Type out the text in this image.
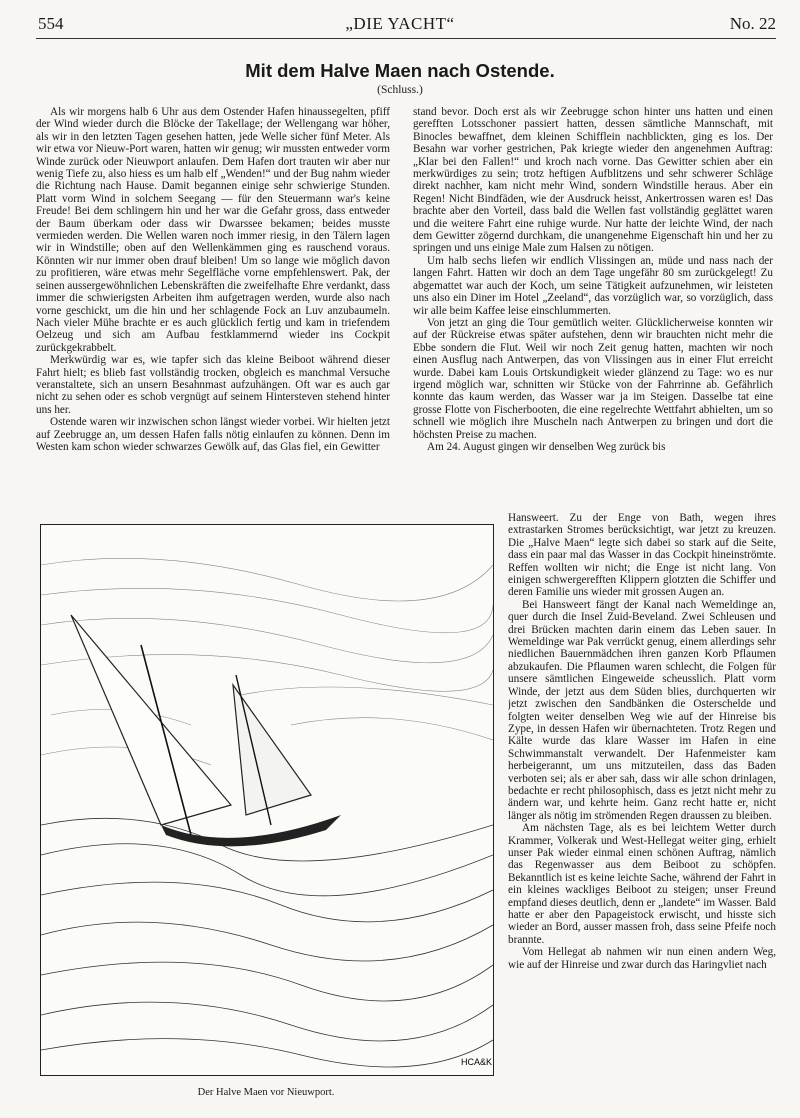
„DIE YACHT“
554	No. 22
Mit dem Halve Maen nach Ostende.
(Schluss.)

Als wir morgens halb 6 Uhr aus dem Ostender Hafen hinaussegelten, pfiff der Wind wieder durch die Blöcke der Takellage; der Wellengang war höher, als wir in den letzten Tagen gesehen hatten, jede Welle sicher fünf Meter. Als wir etwa vor Nieuw-Port waren, hatten wir genug; wir mussten entweder vorm Winde zurück oder Nieuwport anlaufen. Dem Hafen dort trauten wir aber nur wenig Tiefe zu, also hiess es um halb elf „Wenden!“ und der Bug nahm wieder die Richtung nach Hause. Damit begannen einige sehr schwierige Stunden. Platt vorm Wind in solchem Seegang — für den Steuermann war's keine Freude! Bei dem schlingern hin und her war die Gefahr gross, dass entweder der Baum überkam oder dass wir Dwarssee bekamen; beides musste vermieden werden. Die Wellen waren noch immer riesig, in den Tälern lagen wir in Windstille; oben auf den Wellenkämmen ging es rauschend voraus. Könnten wir nur immer oben drauf bleiben! Um so lange wie möglich davon zu profitieren, wäre etwas mehr Segelfläche vorne empfehlenswert. Pak, der seinen aussergewöhnlichen Lebenskräften die zweifelhafte Ehre verdankt, dass immer die schwierigsten Arbeiten ihm aufgetragen werden, wurde also nach vorne geschickt, um die hin und her schlagende Fock an Luv anzubaumeln. Nach vieler Mühe brachte er es auch glücklich fertig und kam in triefendem Oelzeug und sich am Aufbau festklammernd wieder ins Cockpit zurückgekrabbelt.

Merkwürdig war es, wie tapfer sich das kleine Beiboot während dieser Fahrt hielt; es blieb fast vollständig trocken, obgleich es manchmal Versuche veranstaltete, sich an unsern Besahnmast aufzuhängen. Oft war es auch gar nicht zu sehen oder es schob vergnügt auf seinem Hintersteven stehend hinter uns her.

Ostende waren wir inzwischen schon längst wieder vorbei. Wir hielten jetzt auf Zeebrugge an, um dessen Hafen falls nötig einlaufen zu können. Denn im Westen kam schon wieder schwarzes Gewölk auf, das Glas fiel, ein Gewitter

stand bevor. Doch erst als wir Zeebrugge schon hinter uns hatten und einen gerefften Lotsschoner passiert hatten, dessen sämtliche Mannschaft, mit Binocles bewaffnet, dem kleinen Schifflein nachblickten, ging es los. Der Besahn war vorher gestrichen, Pak kriegte wieder den angenehmen Auftrag: „Klar bei den Fallen!“ und kroch nach vorne. Das Gewitter schien aber ein merkwürdiges zu sein; trotz heftigen Aufblitzens und sehr schwerer Schläge direkt nachher, kam nicht mehr Wind, sondern Windstille heraus. Aber ein Regen! Nicht Bindfäden, wie der Ausdruck heisst, Ankertrossen waren es! Das brachte aber den Vorteil, dass bald die Wellen fast vollständig geglättet waren und die weitere Fahrt eine ruhige wurde. Nur hatte der leichte Wind, der nach dem Gewitter zögernd durchkam, die unangenehme Eigenschaft hin und her zu springen und uns einige Male zum Halsen zu nötigen.

Um halb sechs liefen wir endlich Vlissingen an, müde und nass nach der langen Fahrt. Hatten wir doch an dem Tage ungefähr 80 sm zurückgelegt! Zu abgemattet war auch der Koch, um seine Tätigkeit aufzunehmen, wir leisteten uns also ein Diner im Hotel „Zeeland“, das vorzüglich war, so vorzüglich, dass wir alle beim Kaffee leise einschlummerten.

Von jetzt an ging die Tour gemütlich weiter. Glücklicherweise konnten wir auf der Rückreise etwas später aufstehen, denn wir brauchten nicht mehr die Ebbe sondern die Flut. Weil wir noch Zeit genug hatten, machten wir noch einen Ausflug nach Antwerpen, das von Vlissingen aus in einer Flut erreicht wurde. Dabei kam Louis Ortskundigkeit wieder glänzend zu Tage: wo es nur irgend möglich war, schnitten wir Stücke von der Fahrrinne ab. Gefährlich konnte das kaum werden, das Wasser war ja im Steigen. Dasselbe tat eine grosse Flotte von Fischerbooten, die eine regelrechte Wettfahrt abhielten, um so schnell wie möglich ihre Muscheln nach Antwerpen zu bringen und dort die höchsten Preise zu machen.

Am 24. August gingen wir denselben Weg zurück bis

HCA&K
Der Halve Maen vor Nieuwport.

Hansweert. Zu der Enge von Bath, wegen ihres extrastarken Stromes berücksichtigt, war jetzt zu kreuzen. Die „Halve Maen“ legte sich dabei so stark auf die Seite, dass ein paar mal das Wasser in das Cockpit hineinströmte. Reffen wollten wir nicht; die Enge ist nicht lang. Von einigen schwergerefften Klippern glotzten die Schiffer und deren Familie uns wieder mit grossen Augen an.

Bei Hansweert fängt der Kanal nach Wemeldinge an, quer durch die Insel Zuid-Beveland. Zwei Schleusen und drei Brücken machten darin einem das Leben sauer. In Wemeldinge war Pak verrückt genug, einem allerdings sehr niedlichen Bauernmädchen ihren ganzen Korb Pflaumen abzukaufen. Die Pflaumen waren schlecht, die Folgen für unsere sämtlichen Eingeweide scheusslich. Platt vorm Winde, der jetzt aus dem Süden blies, durchquerten wir jetzt zwischen den Sandbänken die Osterschelde und folgten weiter denselben Weg wie auf der Hinreise bis Zype, in dessen Hafen wir übernachteten. Trotz Regen und Kälte wurde das klare Wasser im Hafen in eine Schwimmanstalt verwandelt. Der Hafenmeister kam herbeigerannt, um uns mitzuteilen, dass das Baden verboten sei; als er aber sah, dass wir alle schon drinlagen, bedachte er recht philosophisch, dass es jetzt nicht mehr zu ändern war, und kehrte heim. Ganz recht hatte er, nicht länger als nötig im strömenden Regen draussen zu bleiben.

Am nächsten Tage, als es bei leichtem Wetter durch Krammer, Volkerak und West-Hellegat weiter ging, erhielt unser Pak wieder einmal einen schönen Auftrag, nämlich das Regenwasser aus dem Beiboot zu schöpfen. Bekanntlich ist es keine leichte Sache, während der Fahrt in ein kleines wackliges Beiboot zu steigen; unser Freund empfand dieses deutlich, denn er „landete“ im Wasser. Bald hatte er aber den Papageistock erwischt, und hisste sich wieder an Bord, ausser massen froh, dass seine Pfeife noch brannte.

Vom Hellegat ab nahmen wir nun einen andern Weg, wie auf der Hinreise und zwar durch das Haringvliet nach
